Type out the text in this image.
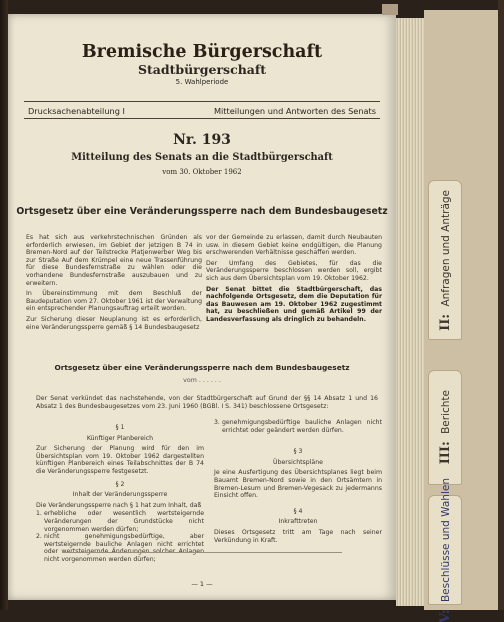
Bremische Bürgerschaft
Stadtbürgerschaft
5. Wahlperiode
Drucksachenabteilung I	Mitteilungen und Antworten des Senats
Nr. 193
Mitteilung des Senats an die Stadtbürgerschaft
vom 30. Oktober 1962
Ortsgesetz über eine Veränderungssperre nach dem Bundesbaugesetz

Es hat sich aus verkehrstechnischen Gründen als erforderlich erwiesen, im Gebiet der jetzigen B 74 in Bremen-Nord auf der Teilstrecke Platjenwerber Weg bis zur Straße Auf dem Krümpel eine neue Trassenführung für diese Bundesfernstraße zu wählen oder die vorhandene Bundesfernstraße auszubauen und zu erweitern.

In Übereinstimmung mit dem Beschluß der Baudeputation vom 27. Oktober 1961 ist der Verwaltung ein entsprechender Planungsauftrag erteilt worden.

Zur Sicherung dieser Neuplanung ist es erforderlich, eine Veränderungssperre gemäß § 14 Bundesbaugesetz

vor der Gemeinde zu erlassen, damit durch Neubauten usw. in diesem Gebiet keine endgültigen, die Planung erschwerenden Verhältnisse geschaffen werden.

Der Umfang des Gebietes, für das die Veränderungssperre beschlossen werden soll, ergibt sich aus dem Übersichtsplan vom 19. Oktober 1962.

Der Senat bittet die Stadtbürgerschaft, das nachfolgende Ortsgesetz, dem die Deputation für das Bauwesen am 19. Oktober 1962 zugestimmt hat, zu beschließen und gemäß Artikel 99 der Landesverfassung als dringlich zu behandeln.

Ortsgesetz über eine Veränderungssperre nach dem Bundesbaugesetz
vom . . . . . .
Der Senat verkündet das nachstehende, von der Stadtbürgerschaft auf Grund der §§ 14 Absatz 1 und 16 Absatz 1 des Bundesbaugesetzes vom 23. Juni 1960 (BGBl. I S. 341) beschlossene Ortsgesetz:
§ 1
Künftiger Planbereich

Zur Sicherung der Planung wird für den im Übersichtsplan vom 19. Oktober 1962 dargestellten künftigen Planbereich eines Teilabschnittes der B 74 die Veränderungssperre festgesetzt.

§ 2
Inhalt der Veränderungssperre

Die Veränderungssperre nach § 1 hat zum Inhalt, daß

1. erhebliche oder wesentlich wertsteigernde Veränderungen der Grundstücke nicht vorgenommen werden dürfen;
2. nicht genehmigungsbedürftige, aber wertsteigernde bauliche Anlagen nicht errichtet oder wertsteigernde Änderungen solcher Anlagen nicht vorgenommen werden dürfen;
3. genehmigungsbedürftige bauliche Anlagen nicht errichtet oder geändert werden dürfen.
§ 3
Übersichtspläne

Je eine Ausfertigung des Übersichtsplanes liegt beim Bauamt Bremen-Nord sowie in den Ortsämtern in Bremen-Lesum und Bremen-Vegesack zu jedermanns Einsicht offen.

§ 4
Inkrafttreten

Dieses Ortsgesetz tritt am Tage nach seiner Verkündung in Kraft.

— 1 —
II: Anfragen und Anträge
III: Berichte
V: Beschlüsse und Wahlen
